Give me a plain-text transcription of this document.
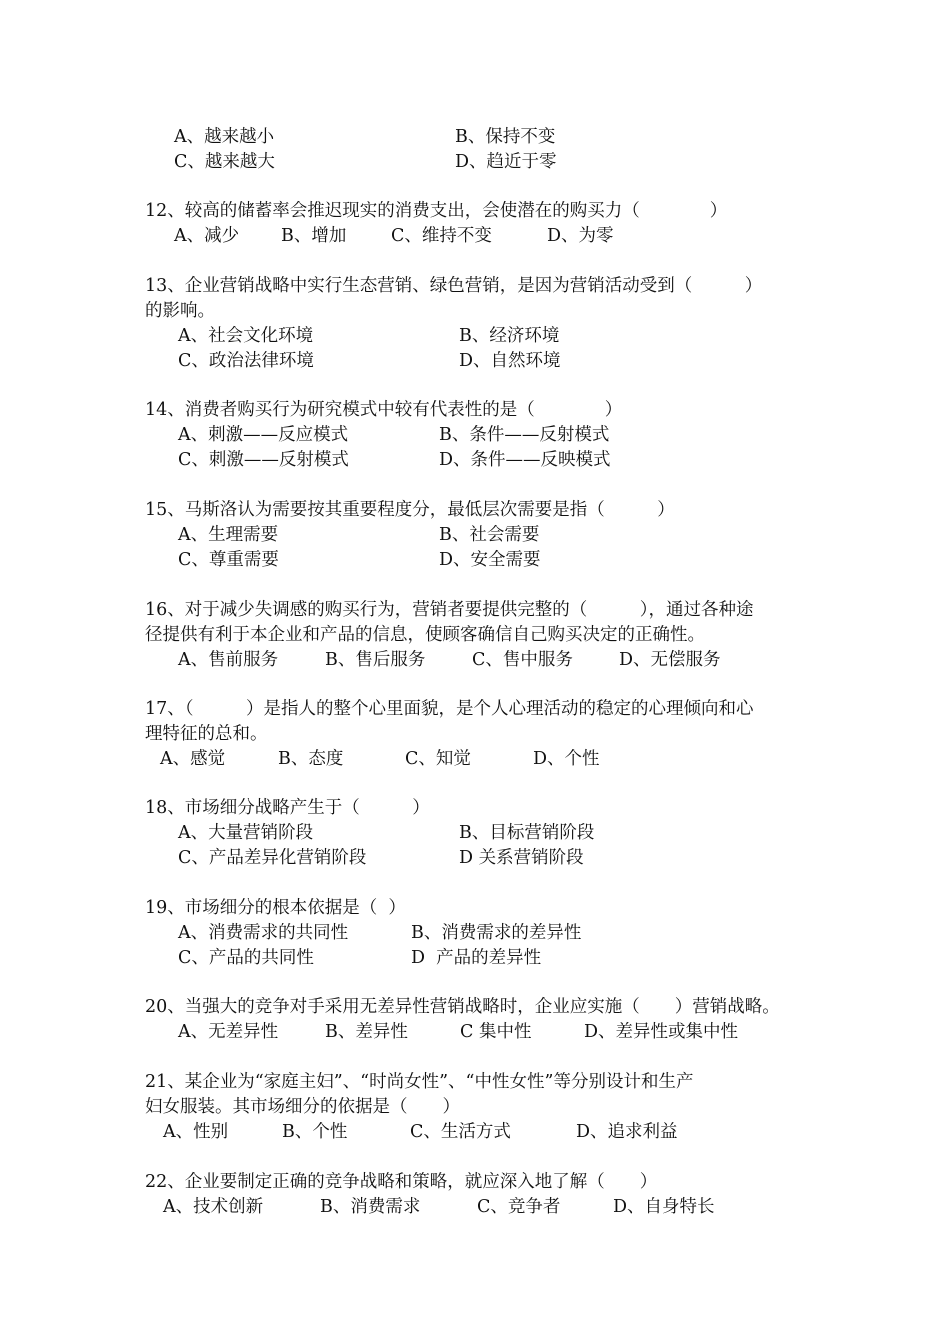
A、越来越小	B、保持不变
C、越来越大	D、趋近于零
12、较高的储蓄率会推迟现实的消费支出，会使潜在的购买力（　　　　）
A、减少 B、增加	C、维持不变	D、为零
13、企业营销战略中实行生态营销、绿色营销，是因为营销活动受到（　　　）
的影响。
A、社会文化环境	B、经济环境
C、政治法律环境	D、自然环境
14、消费者购买行为研究模式中较有代表性的是（　　　　）
A、刺激——反应模式	B、条件——反射模式
C、刺激——反射模式	D、条件——反映模式
15、马斯洛认为需要按其重要程度分，最低层次需要是指（　　　）
A、生理需要	B、社会需要
C、尊重需要	D、安全需要
16、对于减少失调感的购买行为，营销者要提供完整的（　　　），通过各种途
径提供有利于本企业和产品的信息，使顾客确信自己购买决定的正确性。
A、售前服务	B、售后服务	C、售中服务	D、无偿服务
17、（　　　）是指人的整个心里面貌，是个人心理活动的稳定的心理倾向和心
理特征的总和。
A、感觉	B、态度	C、知觉	D、个性
18、市场细分战略产生于（　　　）
A、大量营销阶段	B、目标营销阶段
C、产品差异化营销阶段	D 关系营销阶段
19、市场细分的根本依据是（  ）
A、消费需求的共同性	B、消费需求的差异性
C、产品的共同性	D  产品的差异性
20、当强大的竞争对手采用无差异性营销战略时，企业应实施（　　）营销战略。
A、无差异性	B、差异性	C 集中性	D、差异性或集中性
21、某企业为“家庭主妇”、“时尚女性”、“中性女性”等分别设计和生产
妇女服装。其市场细分的依据是（　　）
A、性别	B、个性	C、生活方式	D、追求利益
22、企业要制定正确的竞争战略和策略，就应深入地了解（　　）
A、技术创新	B、消费需求	C、竞争者	D、自身特长
